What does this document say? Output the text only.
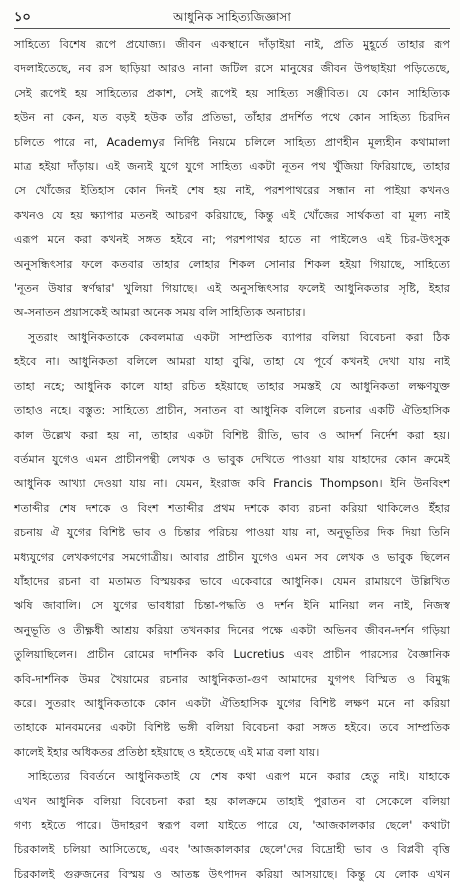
১০	আধুনিক সাহিত্যজিজ্ঞাসা
সাহিত্যে বিশেষ রূপে প্রযোজ্য। জীবন একস্থানে দাঁড়াইয়া নাই, প্রতি মুহূর্তে তাহার রূপ
বদলাইতেছে, নব রস ছাড়িয়া আরও নানা জটিল রসে মানুষের জীবন উপছাইয়া পড়িতেছে,
সেই রূপেই হয় সাহিত্যের প্রকাশ, সেই রূপেই হয় সাহিত্য সঞ্জীবিত। যে কোন সাহিত্যিক
হউন না কেন, যত বড়ই হউক তাঁর প্রতিভা, তাঁহার প্রদর্শিত পথে কোন সাহিত্য চিরদিন
চলিতে পারে না, Academyর নির্দিষ্ট নিয়মে চলিলে সাহিত্য প্রাণহীন মূল্যহীন কথামালা
মাত্র হইয়া দাঁড়ায়। এই জন্যই যুগে যুগে সাহিত্য একটা নূতন পথ খুঁজিয়া ফিরিয়াছে, তাহার
সে খোঁজের ইতিহাস কোন দিনই শেষ হয় নাই, পরশপাথরের সন্ধান না পাইয়া কখনও
কখনও যে হয় ক্ষ্যাপার মতনই আচরণ করিয়াছে, কিন্তু এই খোঁজের সার্থকতা বা মূল্য নাই
এরূপ মনে করা কখনই সঙ্গত হইবে না; পরশপাথর হাতে না পাইলেও এই চির-উৎসুক
অনুসন্ধিৎসার ফলে কতবার তাহার লোহার শিকল সোনার শিকল হইয়া গিয়াছে, সাহিত্যে
'নূতন উষার স্বর্ণদ্বার' খুলিয়া গিয়াছে। এই অনুসন্ধিৎসার ফলেই আধুনিকতার সৃষ্টি, ইহার
অ-সনাতন প্রয়াসকেই আমরা অনেক সময় বলি সাহিত্যিক অনাচার।
সুতরাং আধুনিকতাকে কেবলমাত্র একটা সাম্প্রতিক ব্যাপার বলিয়া বিবেচনা করা ঠিক
হইবে না। আধুনিকতা বলিলে আমরা যাহা বুঝি, তাহা যে পূর্বে কখনই দেখা যায় নাই
তাহা নহে; আধুনিক কালে যাহা রচিত হইয়াছে তাহার সমস্তই যে আধুনিকতা লক্ষণযুক্ত
তাহাও নহে। বস্তুত: সাহিত্যে প্রাচীন, সনাতন বা আধুনিক বলিলে রচনার একটি ঐতিহাসিক
কাল উল্লেখ করা হয় না, তাহার একটা বিশিষ্ট রীতি, ভাব ও আদর্শ নির্দেশ করা হয়।
বর্তমান যুগেও এমন প্রাচীনপন্থী লেখক ও ভাবুক দেখিতে পাওয়া যায় যাহাদের কোন ক্রমেই
আধুনিক আখ্যা দেওয়া যায় না। যেমন, ইংরাজ কবি Francis Thompson। ইনি উনবিংশ
শতাব্দীর শেষ দশকে ও বিংশ শতাব্দীর প্রথম দশকে কাব্য রচনা করিয়া থাকিলেও ইঁহার
রচনায় ঐ যুগের বিশিষ্ট ভাব ও চিন্তার পরিচয় পাওয়া যায় না, অনুভূতির দিক দিয়া তিনি
মধ্যযুগের লেখকগণের সমগোত্রীয়। আবার প্রাচীন যুগেও এমন সব লেখক ও ভাবুক ছিলেন
যাঁহাদের রচনা বা মতামত বিস্ময়কর ভাবে একেবারে আধুনিক। যেমন রামায়ণে উল্লিখিত
ঋষি জাবালি। সে যুগের ভাবধারা চিন্তা-পদ্ধতি ও দর্শন ইনি মানিয়া লন নাই, নিজস্ব
অনুভূতি ও তীক্ষ্ণধী আশ্রয় করিয়া তখনকার দিনের পক্ষে একটা অভিনব জীবন-দর্শন গড়িয়া
তুলিয়াছিলেন। প্রাচীন রোমের দার্শনিক কবি Lucretius এবং প্রাচীন পারস্যের বৈজ্ঞানিক
কবি-দার্শনিক উমর খৈয়ামের রচনার আধুনিকতা-গুণ আমাদের যুগপৎ বিস্মিত ও বিমুগ্ধ
করে। সুতরাং আধুনিকতাকে কোন একটা ঐতিহাসিক যুগের বিশিষ্ট লক্ষণ মনে না করিয়া
তাহাকে মানবমনের একটা বিশিষ্ট ভঙ্গী বলিয়া বিবেচনা করা সঙ্গত হইবে। তবে সাম্প্রতিক
কালেই ইহার অধিকতর প্রতিষ্ঠা হইয়াছে ও হইতেছে এই মাত্র বলা যায়।
সাহিত্যের বিবর্তনে আধুনিকতাই যে শেষ কথা এরূপ মনে করার হেতু নাই। যাহাকে
এখন আধুনিক বলিয়া বিবেচনা করা হয় কালক্রমে তাহাই পুরাতন বা সেকেলে বলিয়া
গণ্য হইতে পারে। উদাহরণ স্বরূপ বলা যাইতে পারে যে, 'আজকালকার ছেলে' কথাটা
চিরকালই চলিয়া আসিতেছে, এবং 'আজকালকার ছেলে'দের বিদ্রোহী ভাব ও বিপ্লবী বৃত্তি
চিরকালই গুরুজনের বিস্ময় ও আতঙ্ক উৎপাদন করিয়া আসয়াছে। কিন্তু যে লোক এখন
